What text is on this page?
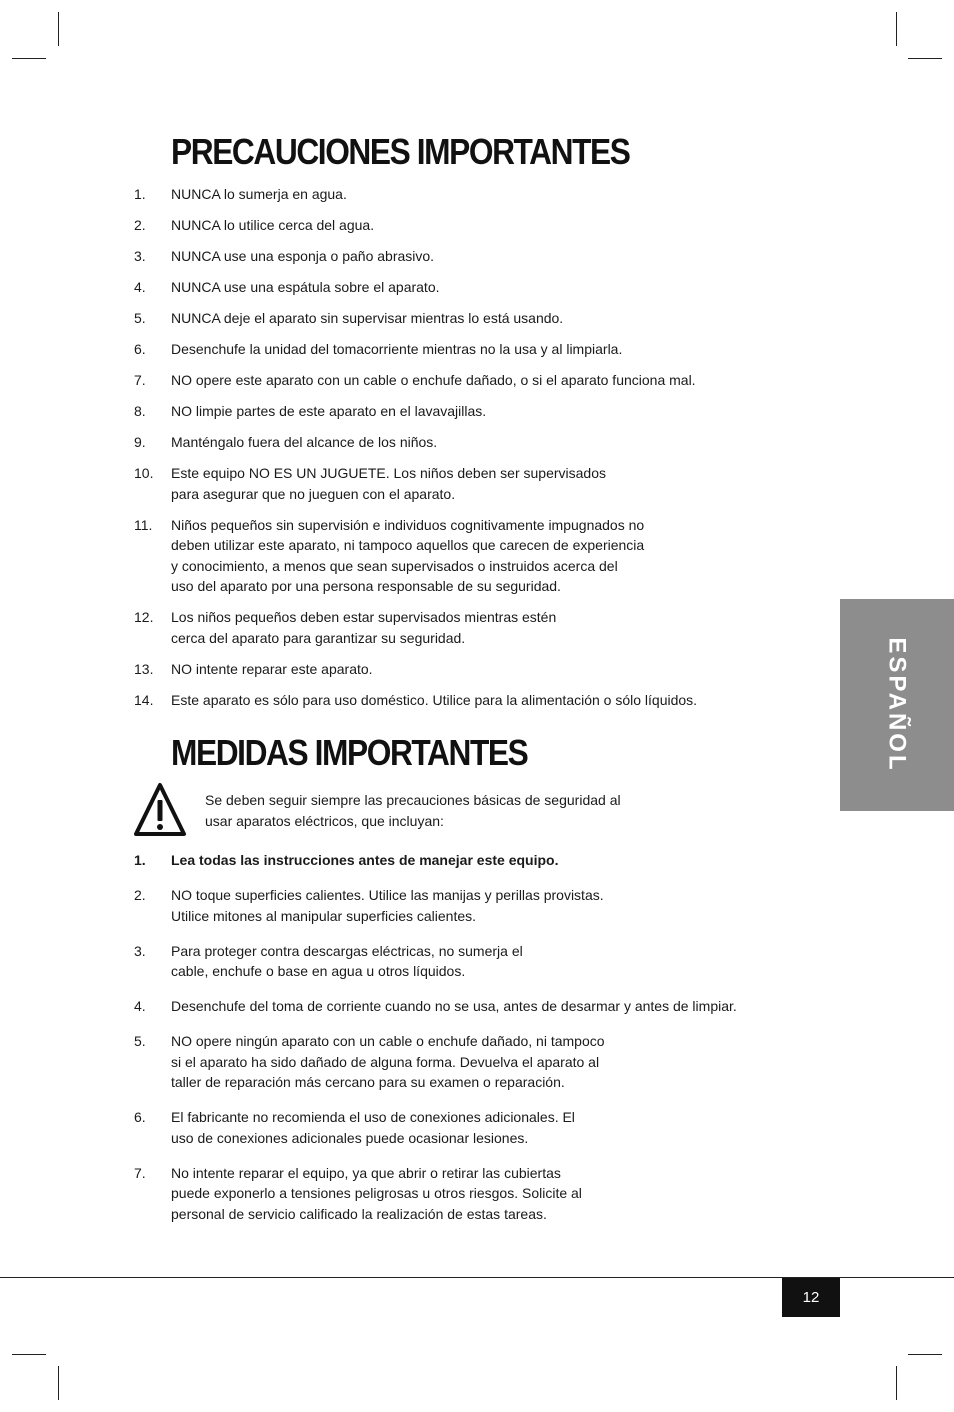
PRECAUCIONES IMPORTANTES
1. NUNCA lo sumerja en agua.
2. NUNCA lo utilice cerca del agua.
3. NUNCA use una esponja o paño abrasivo.
4. NUNCA use una espátula sobre el aparato.
5. NUNCA deje el aparato sin supervisar mientras lo está usando.
6. Desenchufe la unidad del tomacorriente mientras no la usa y al limpiarla.
7. NO opere este aparato con un cable o enchufe dañado, o si el aparato funciona mal.
8. NO limpie partes de este aparato en el lavavajillas.
9. Manténgalo fuera del alcance de los niños.
10. Este equipo NO ES UN JUGUETE. Los niños deben ser supervisados
para asegurar que no jueguen con el aparato.
11. Niños pequeños sin supervisión e individuos cognitivamente impugnados no
deben utilizar este aparato, ni tampoco aquellos que carecen de experiencia
y conocimiento, a menos que sean supervisados o instruidos acerca del
uso del aparato por una persona responsable de su seguridad.
12. Los niños pequeños deben estar supervisados mientras estén
cerca del aparato para garantizar su seguridad.
13. NO intente reparar este aparato.
14. Este aparato es sólo para uso doméstico. Utilice para la alimentación o sólo líquidos.
MEDIDAS IMPORTANTES
Se deben seguir siempre las precauciones básicas de seguridad al
usar aparatos eléctricos, que incluyan:
1. Lea todas las instrucciones antes de manejar este equipo.
2. NO toque superficies calientes. Utilice las manijas y perillas provistas.
Utilice mitones al manipular superficies calientes.
3. Para proteger contra descargas eléctricas, no sumerja el
cable, enchufe o base en agua u otros líquidos.
4. Desenchufe del toma de corriente cuando no se usa, antes de desarmar y antes de limpiar.
5. NO opere ningún aparato con un cable o enchufe dañado, ni tampoco
si el aparato ha sido dañado de alguna forma. Devuelva el aparato al
taller de reparación más cercano para su examen o reparación.
6. El fabricante no recomienda el uso de conexiones adicionales. El
uso de conexiones adicionales puede ocasionar lesiones.
7. No intente reparar el equipo, ya que abrir o retirar las cubiertas
puede exponerlo a tensiones peligrosas u otros riesgos. Solicite al
personal de servicio calificado la realización de estas tareas.
ESPAÑOL
12
